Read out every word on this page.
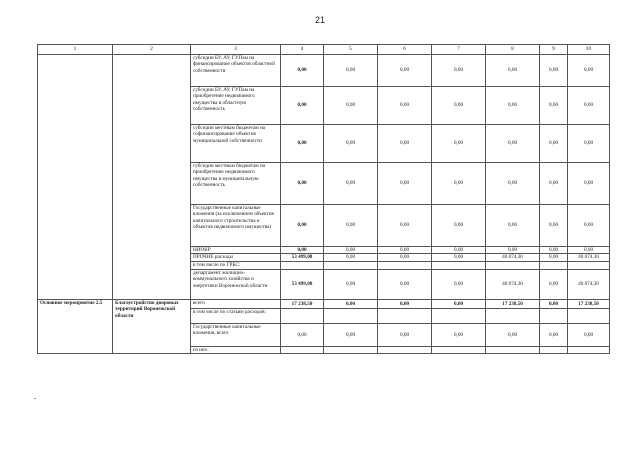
21
1	2	3	4	5	6	7	8	9	10
		субсидии БУ, АУ, ГУПам на финансирование объектов областной собственности	0,00	0,00	0,00	0,00	0,00	0,00	0,00
		субсидии БУ, АУ, ГУПам на приобретение недвижимого имущества в областную собственность	0,00	0,00	0,00	0,00	0,00	0,00	0,00
		субсидии местным бюджетам на софинансирование объектов муниципальной собственности	0,00	0,00	0,00	0,00	0,00	0,00	0,00
		субсидии местным бюджетам на приобретение недвижимого имущества в муниципальную собственность	0,00	0,00	0,00	0,00	0,00	0,00	0,00
		Государственные капитальные вложения (за исключением объектов капитального строительства и объектов недвижимого имущества)	0,00	0,00	0,00	0,00	0,00	0,00	0,00
		НИОКР	0,00	0,00	0,00	0,00	0,00	0,00	0,00
		ПРОЧИЕ расходы	53 499,00	0,00	0,00	0,00	40 074,30	0,00	40 074,30
		в том числе по ГРБС:							
		департамент жилищно-коммунального хозяйства и энергетики Воронежской области	53 499,00	0,00	0,00	0,00	40 074,30	0,00	40 074,30
Основное мероприятие 2.5	Благоустройство дворовых территорий Воронежской области	всего	17 238,50	0,00	0,00	0,00	17 238,50	0,00	17 238,50
		в том числе по статьям расходов:							
		Государственные капитальные вложения, всего	0,00	0,00	0,00	0,00	0,00	0,00	0,00
		из них:							
